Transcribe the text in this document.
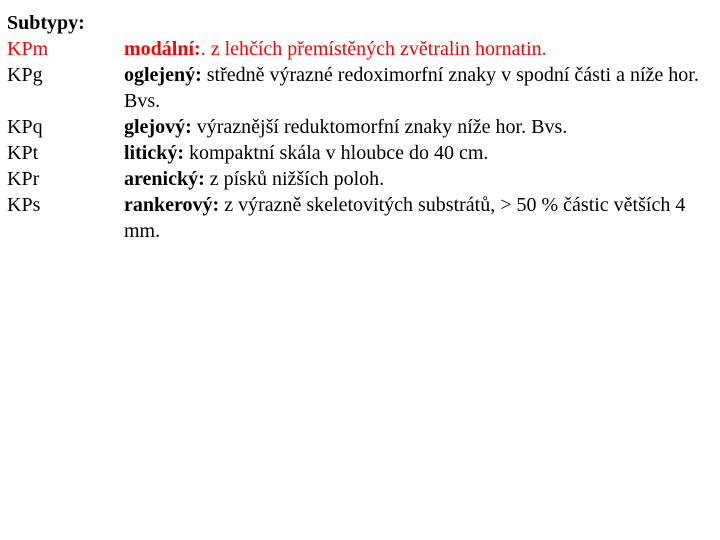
Subtypy:
KPm	modální:. z lehčích přemístěných zvětralin hornatin.
KPg	oglejený: středně výrazné redoximorfní znaky v spodní části a níže hor. Bvs.
KPq	glejový: výraznější reduktomorfní znaky níže hor. Bvs.
KPt	litický: kompaktní skála v hloubce do 40 cm.
KPr	arenický: z písků nižších poloh.
KPs	rankerový: z výrazně skeletovitých substrátů, > 50 % částic větších 4 mm.
